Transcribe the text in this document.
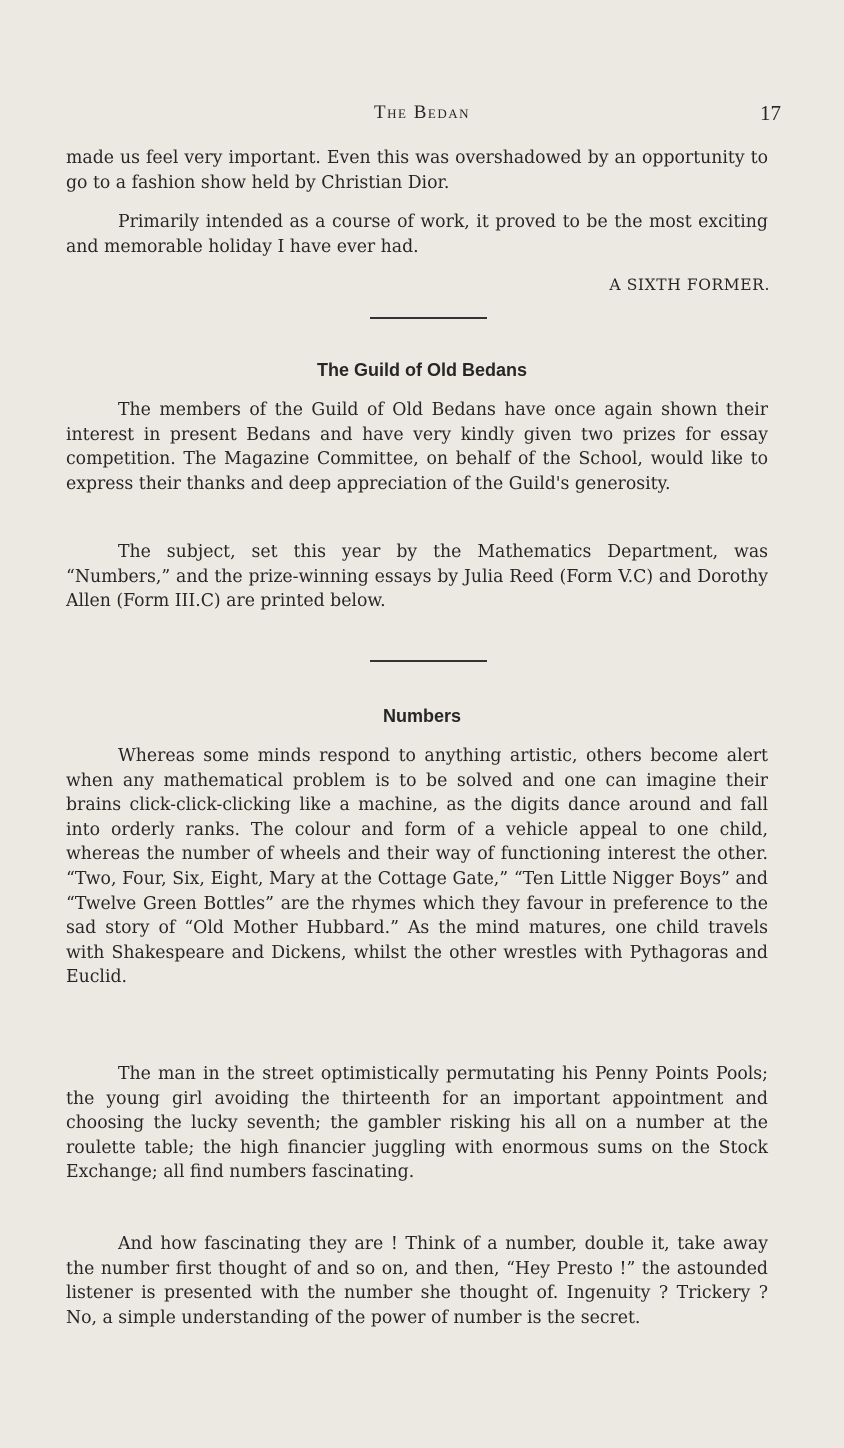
The Bedan	17

made us feel very important. Even this was overshadowed by an opportunity to go to a fashion show held by Christian Dior.

Primarily intended as a course of work, it proved to be the most exciting and memorable holiday I have ever had.

A SIXTH FORMER.

The Guild of Old Bedans

The members of the Guild of Old Bedans have once again shown their interest in present Bedans and have very kindly given two prizes for essay competition. The Magazine Committee, on behalf of the School, would like to express their thanks and deep appreciation of the Guild's generosity.

The subject, set this year by the Mathematics Department, was “Numbers,” and the prize-winning essays by Julia Reed (Form V.C) and Dorothy Allen (Form III.C) are printed below.

Numbers

Whereas some minds respond to anything artistic, others become alert when any mathematical problem is to be solved and one can imagine their brains click-click-clicking like a machine, as the digits dance around and fall into orderly ranks. The colour and form of a vehicle appeal to one child, whereas the number of wheels and their way of functioning interest the other. “Two, Four, Six, Eight, Mary at the Cottage Gate,” “Ten Little Nigger Boys” and “Twelve Green Bottles” are the rhymes which they favour in preference to the sad story of “Old Mother Hubbard.” As the mind matures, one child travels with Shakespeare and Dickens, whilst the other wrestles with Pythagoras and Euclid.

The man in the street optimistically permutating his Penny Points Pools; the young girl avoiding the thirteenth for an important appointment and choosing the lucky seventh; the gambler risking his all on a number at the roulette table; the high financier juggling with enormous sums on the Stock Exchange; all find numbers fascinating.

And how fascinating they are ! Think of a number, double it, take away the number first thought of and so on, and then, “Hey Presto !” the astounded listener is presented with the number she thought of. Ingenuity ? Trickery ? No, a simple understanding of the power of number is the secret.
